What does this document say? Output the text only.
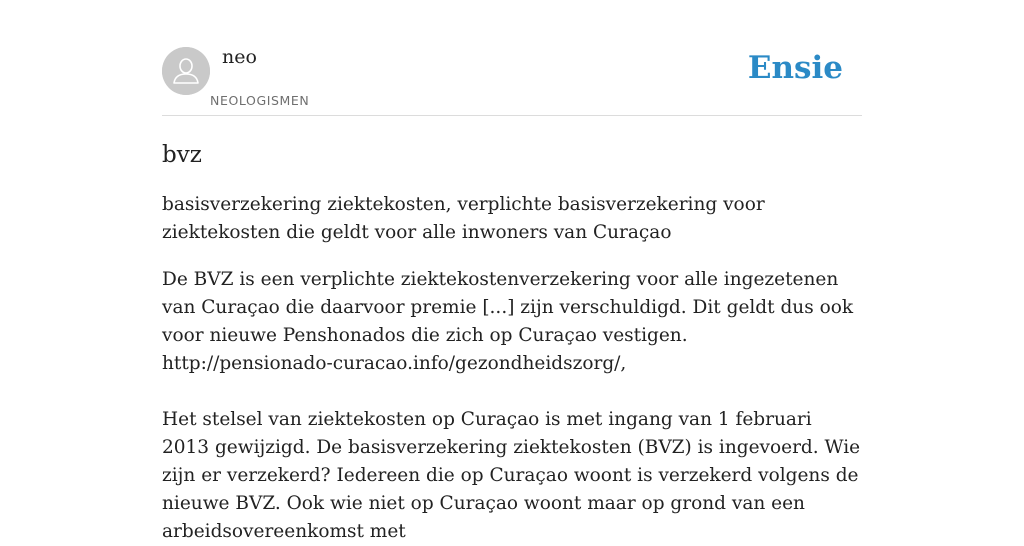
neo
NEOLOGISMEN
Ensie
bvz
basisverzekering ziektekosten, verplichte basisverzekering voor ziektekosten die geldt voor alle inwoners van Curaçao

De BVZ is een verplichte ziektekostenverzekering voor alle ingezetenen van Curaçao die daarvoor premie [...] zijn verschuldigd. Dit geldt dus ook voor nieuwe Penshonados die zich op Curaçao vestigen.

http://pensionado-curacao.info/gezondheidszorg/,

Het stelsel van ziektekosten op Curaçao is met ingang van 1 februari 2013 gewijzigd. De basisverzekering ziektekosten (BVZ) is ingevoerd. Wie zijn er verzekerd? Iedereen die op Curaçao woont is verzekerd volgens de nieuwe BVZ. Ook wie niet op Curaçao woont maar op grond van een arbeidsovereenkomst met
